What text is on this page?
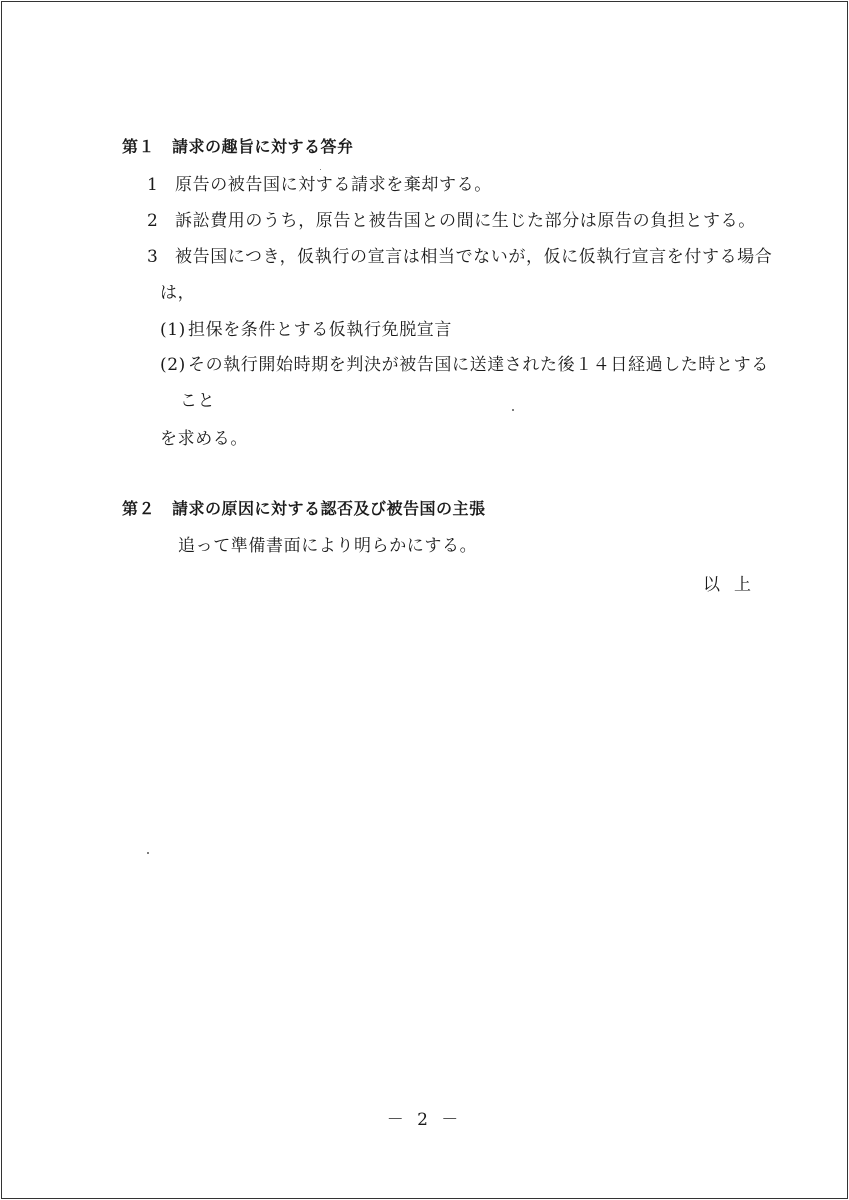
第１ 請求の趣旨に対する答弁
1 原告の被告国に対する請求を棄却する。
2 訴訟費用のうち，原告と被告国との間に生じた部分は原告の負担とする。
3 被告国につき，仮執行の宣言は相当でないが，仮に仮執行宣言を付する場合
は，
(1) 担保を条件とする仮執行免脱宣言
(2) その執行開始時期を判決が被告国に送達された後１４日経過した時とする
こと
を求める。
第２ 請求の原因に対する認否及び被告国の主張
追って準備書面により明らかにする。
以上
－ 2 －
